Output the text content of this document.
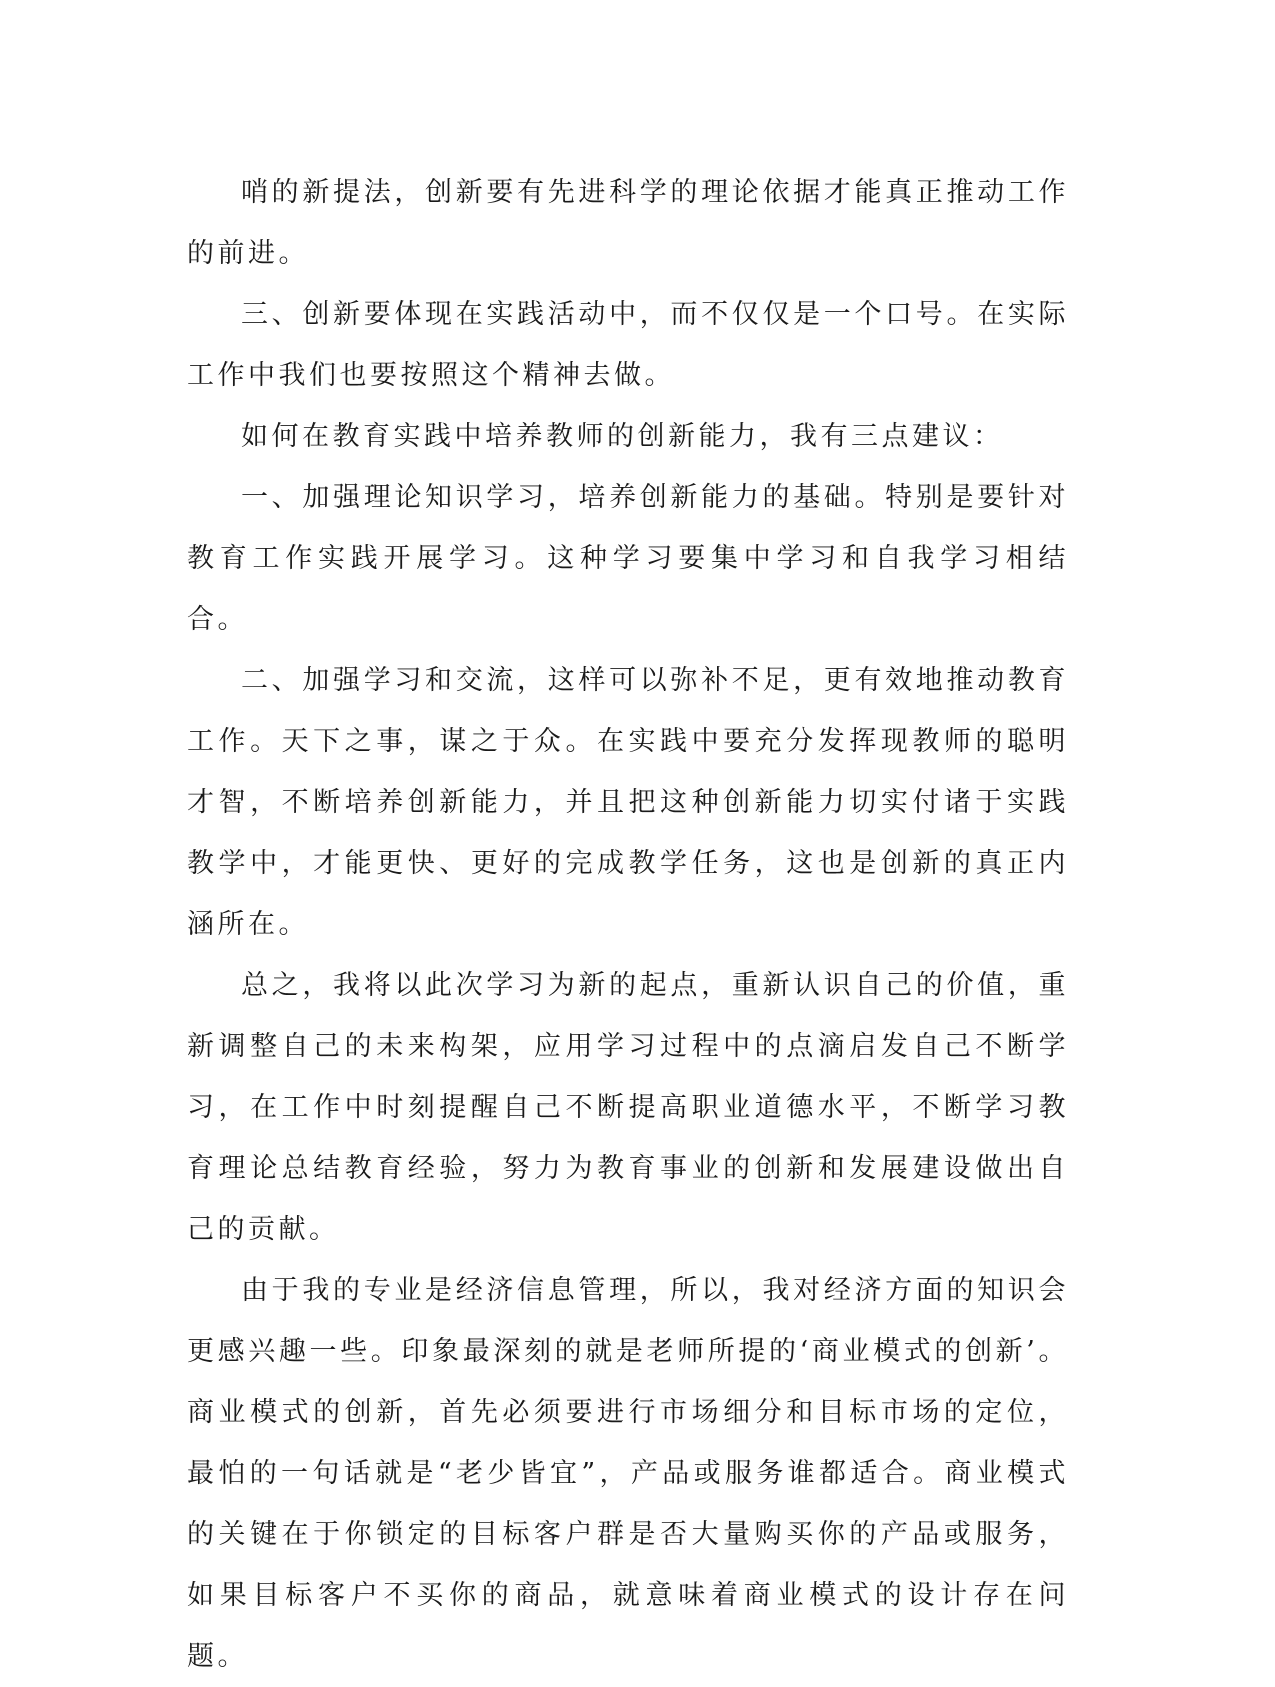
哨的新提法，创新要有先进科学的理论依据才能真正推动工作的前进。

三、创新要体现在实践活动中，而不仅仅是一个口号。在实际工作中我们也要按照这个精神去做。

如何在教育实践中培养教师的创新能力，我有三点建议：

一、加强理论知识学习，培养创新能力的基础。特别是要针对教育工作实践开展学习。这种学习要集中学习和自我学习相结合。

二、加强学习和交流，这样可以弥补不足，更有效地推动教育工作。天下之事，谋之于众。在实践中要充分发挥现教师的聪明才智，不断培养创新能力，并且把这种创新能力切实付诸于实践教学中，才能更快、更好的完成教学任务，这也是创新的真正内涵所在。

总之，我将以此次学习为新的起点，重新认识自己的价值，重新调整自己的未来构架，应用学习过程中的点滴启发自己不断学习，在工作中时刻提醒自己不断提高职业道德水平，不断学习教育理论总结教育经验，努力为教育事业的创新和发展建设做出自己的贡献。

由于我的专业是经济信息管理，所以，我对经济方面的知识会更感兴趣一些。印象最深刻的就是老师所提的‘商业模式的创新’。商业模式的创新，首先必须要进行市场细分和目标市场的定位，最怕的一句话就是“老少皆宜”，产品或服务谁都适合。商业模式的关键在于你锁定的目标客户群是否大量购买你的产品或服务，如果目标客户不买你的商品，就意味着商业模式的设计存在问题。
